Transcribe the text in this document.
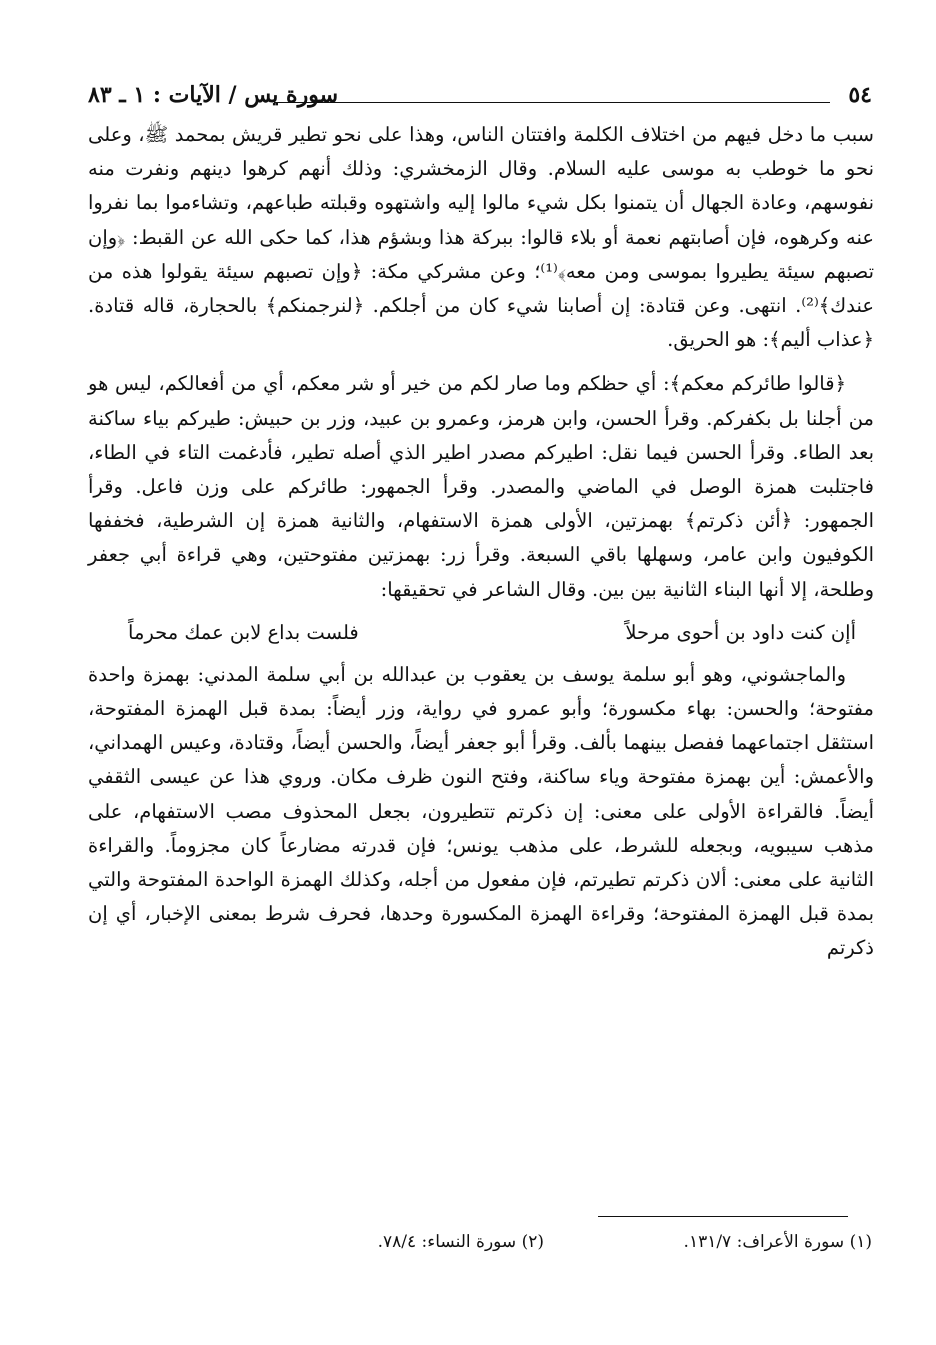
٥٤
سورة يس / الآيات : ١ ـ ٨٣

سبب ما دخل فيهم من اختلاف الكلمة وافتتان الناس، وهذا على نحو تطير قريش بمحمد ﷺ، وعلى نحو ما خوطب به موسى عليه السلام. وقال الزمخشري: وذلك أنهم كرهوا دينهم ونفرت منه نفوسهم، وعادة الجهال أن يتمنوا بكل شيء مالوا إليه واشتهوه وقبلته طباعهم، وتشاءموا بما نفروا عنه وكرهوه، فإن أصابتهم نعمة أو بلاء قالوا: ببركة هذا وبشؤم هذا، كما حكى الله عن القبط: ﴿وإن تصبهم سيئة يطيروا بموسى ومن معه﴾⁽¹⁾؛ وعن مشركي مكة: ﴿وإن تصبهم سيئة يقولوا هذه من عندك﴾⁽²⁾. انتهى. وعن قتادة: إن أصابنا شيء كان من أجلكم. ﴿لنرجمنكم﴾ بالحجارة، قاله قتادة. ﴿عذاب أليم﴾: هو الحريق.

﴿قالوا طائركم معكم﴾: أي حظكم وما صار لكم من خير أو شر معكم، أي من أفعالكم، ليس هو من أجلنا بل بكفركم. وقرأ الحسن، وابن هرمز، وعمرو بن عبيد، وزر بن حبيش: طيركم بياء ساكنة بعد الطاء. وقرأ الحسن فيما نقل: اطيركم مصدر اطير الذي أصله تطير، فأدغمت التاء في الطاء، فاجتلبت همزة الوصل في الماضي والمصدر. وقرأ الجمهور: طائركم على وزن فاعل. وقرأ الجمهور: ﴿أئن ذكرتم﴾ بهمزتين، الأولى همزة الاستفهام، والثانية همزة إن الشرطية، فخففها الكوفيون وابن عامر، وسهلها باقي السبعة. وقرأ زر: بهمزتين مفتوحتين، وهي قراءة أبي جعفر وطلحة، إلا أنها البناء الثانية بين بين. وقال الشاعر في تحقيقها:

أإن كنت داود بن أحوى مرحلاً
فلست بداع لابن عمك محرماً

والماجشوني، وهو أبو سلمة يوسف بن يعقوب بن عبدالله بن أبي سلمة المدني: بهمزة واحدة مفتوحة؛ والحسن: بهاء مكسورة؛ وأبو عمرو في رواية، وزر أيضاً: بمدة قبل الهمزة المفتوحة، استثقل اجتماعهما ففصل بينهما بألف. وقرأ أبو جعفر أيضاً، والحسن أيضاً، وقتادة، وعيس الهمداني، والأعمش: أين بهمزة مفتوحة وياء ساكنة، وفتح النون ظرف مكان. وروي هذا عن عيسى الثقفي أيضاً. فالقراءة الأولى على معنى: إن ذكرتم تتطيرون، بجعل المحذوف مصب الاستفهام، على مذهب سيبويه، وبجعله للشرط، على مذهب يونس؛ فإن قدرته مضارعاً كان مجزوماً. والقراءة الثانية على معنى: ألان ذكرتم تطيرتم، فإن مفعول من أجله، وكذلك الهمزة الواحدة المفتوحة والتي بمدة قبل الهمزة المفتوحة؛ وقراءة الهمزة المكسورة وحدها، فحرف شرط بمعنى الإخبار، أي إن ذكرتم

(١) سورة الأعراف: ١٣١/٧.
(٢) سورة النساء: ٧٨/٤.
